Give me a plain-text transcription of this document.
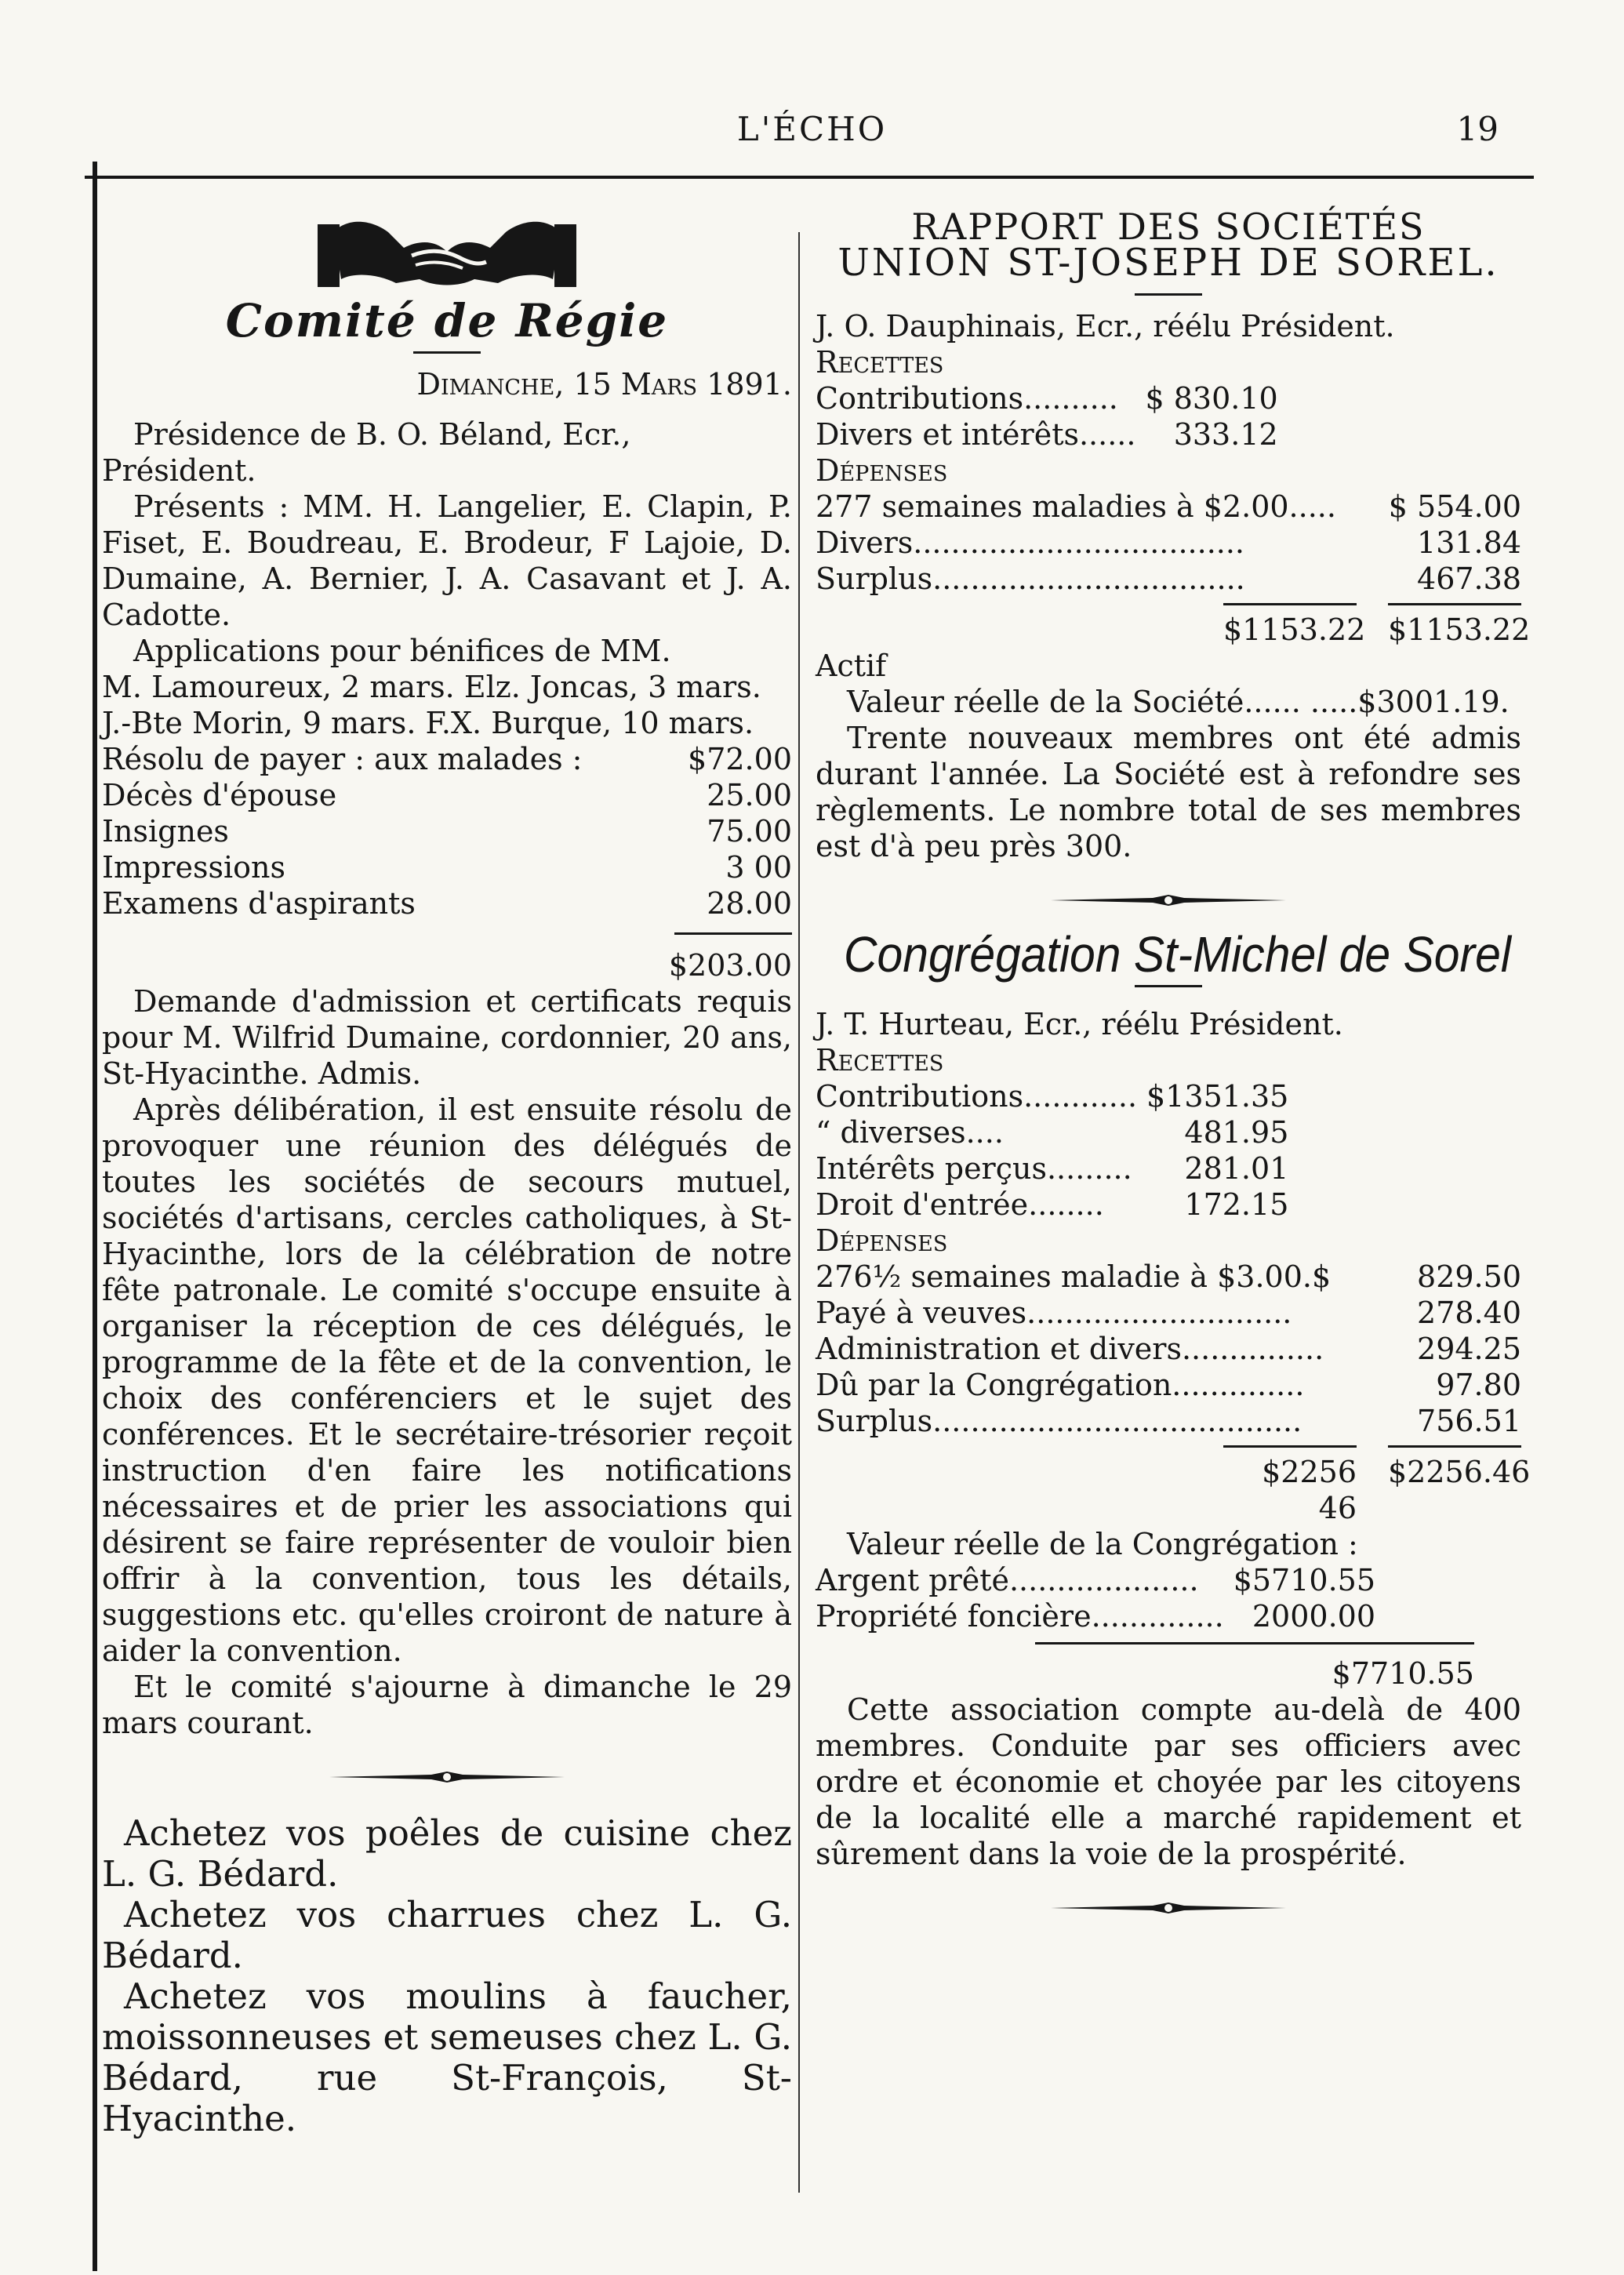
L'ÉCHO	19

Comité de Régie

Dimanche, 15 Mars 1891.

Présidence de B. O. Béland, Ecr., Président.

Présents : MM. H. Langelier, E. Clapin, P. Fiset, E. Boudreau, E. Brodeur, F Lajoie, D. Dumaine, A. Bernier, J. A. Casavant et J. A. Cadotte.

Applications pour bénifices de MM.

M. Lamoureux, 2 mars. Elz. Joncas, 3 mars.

J.-Bte Morin, 9 mars. F.X. Burque, 10 mars.

Résolu de payer : aux malades :	$72.00
Décès d'épouse	25.00
Insignes	75.00
Impressions	3 00
Examens d'aspirants	28.00

$203.00

Demande d'admission et certificats requis pour M. Wilfrid Dumaine, cordonnier, 20 ans, St-Hyacinthe. Admis.

Après délibération, il est ensuite résolu de provoquer une réunion des délégués de toutes les sociétés de secours mutuel, sociétés d'artisans, cercles catholiques, à St-Hyacinthe, lors de la célébration de notre fête patronale. Le comité s'occupe ensuite à organiser la réception de ces délégués, le programme de la fête et de la convention, le choix des conférenciers et le sujet des conférences. Et le secrétaire-trésorier reçoit instruction d'en faire les notifications nécessaires et de prier les associations qui désirent se faire représenter de vouloir bien offrir à la convention, tous les détails, suggestions etc. qu'elles croiront de nature à aider la convention.

Et le comité s'ajourne à dimanche le 29 mars courant.

Achetez vos poêles de cuisine chez L. G. Bédard.

Achetez vos charrues chez L. G. Bédard.

Achetez vos moulins à faucher, moissonneuses et semeuses chez L. G. Bédard, rue St-François, St-Hyacinthe.

RAPPORT DES SOCIÉTÉS

UNION ST-JOSEPH DE SOREL.

J. O. Dauphinais, Ecr., réélu Président.

Recettes

Contributions..........	$ 830.10
Divers et intérêts......	333.12

Dépenses

277 semaines maladies à $2.00.....	$ 554.00
Divers...................................	131.84
Surplus.................................	467.38
$1153.22 $1153.22

Actif

Valeur réelle de la Société...... .....$3001.19.

Trente nouveaux membres ont été admis durant l'année. La Société est à refondre ses règlements. Le nombre total de ses membres est d'à peu près 300.

Congrégation St-Michel de Sorel

J. T. Hurteau, Ecr., réélu Président.

Recettes

Contributions............	$1351.35
“ diverses....	481.95
Intérêts perçus.........	281.01
Droit d'entrée........	172.15

Dépenses

276½ semaines maladie à $3.00.$	829.50
Payé à veuves............................	278.40
Administration et divers...............	294.25
Dû par la Congrégation..............	97.80
Surplus.......................................	756.51
$2256 46
$2256.46

Valeur réelle de la Congrégation :

Argent prêté....................	$5710.55
Propriété foncière..............	2000.00

$7710.55

Cette association compte au-delà de 400 membres. Conduite par ses officiers avec ordre et économie et choyée par les citoyens de la localité elle a marché rapidement et sûrement dans la voie de la prospérité.
